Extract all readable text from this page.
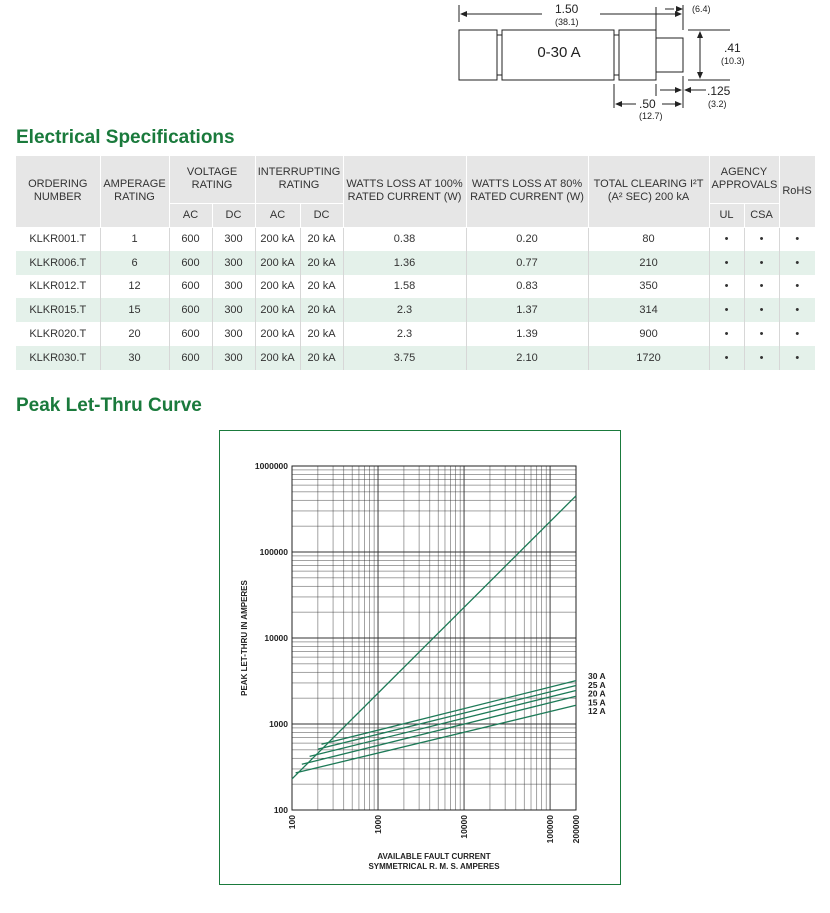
1.50
(38.1)
(6.4)
.41
(10.3)
.50
(12.7)
.125
(3.2)
0-30 A
Electrical Specifications
ORDERING NUMBER	AMPERAGE RATING	VOLTAGE RATING		INTERRUPTING RATING		WATTS LOSS AT 100% RATED CURRENT (W)	WATTS LOSS AT 80% RATED CURRENT (W)	TOTAL CLEARING I²T (A² SEC) 200 kA	AGENCY APPROVALS		RoHS
		AC	DC	AC	DC				UL	CSA	
KLKR001.T	1	600	300	200 kA	20 kA	0.38	0.20	80	•	•	•
KLKR006.T	6	600	300	200 kA	20 kA	1.36	0.77	210	•	•	•
KLKR012.T	12	600	300	200 kA	20 kA	1.58	0.83	350	•	•	•
KLKR015.T	15	600	300	200 kA	20 kA	2.3	1.37	314	•	•	•
KLKR020.T	20	600	300	200 kA	20 kA	2.3	1.39	900	•	•	•
KLKR030.T	30	600	300	200 kA	20 kA	3.75	2.10	1720	•	•	•
Peak Let-Thru Curve
30 A
25 A
20 A
15 A
12 A
100
1000
10000
100000
1000000
100	1000	10000	100000 200000
PEAK LET-THRU IN AMPERES
AVAILABLE FAULT CURRENT
SYMMETRICAL R. M. S. AMPERES
